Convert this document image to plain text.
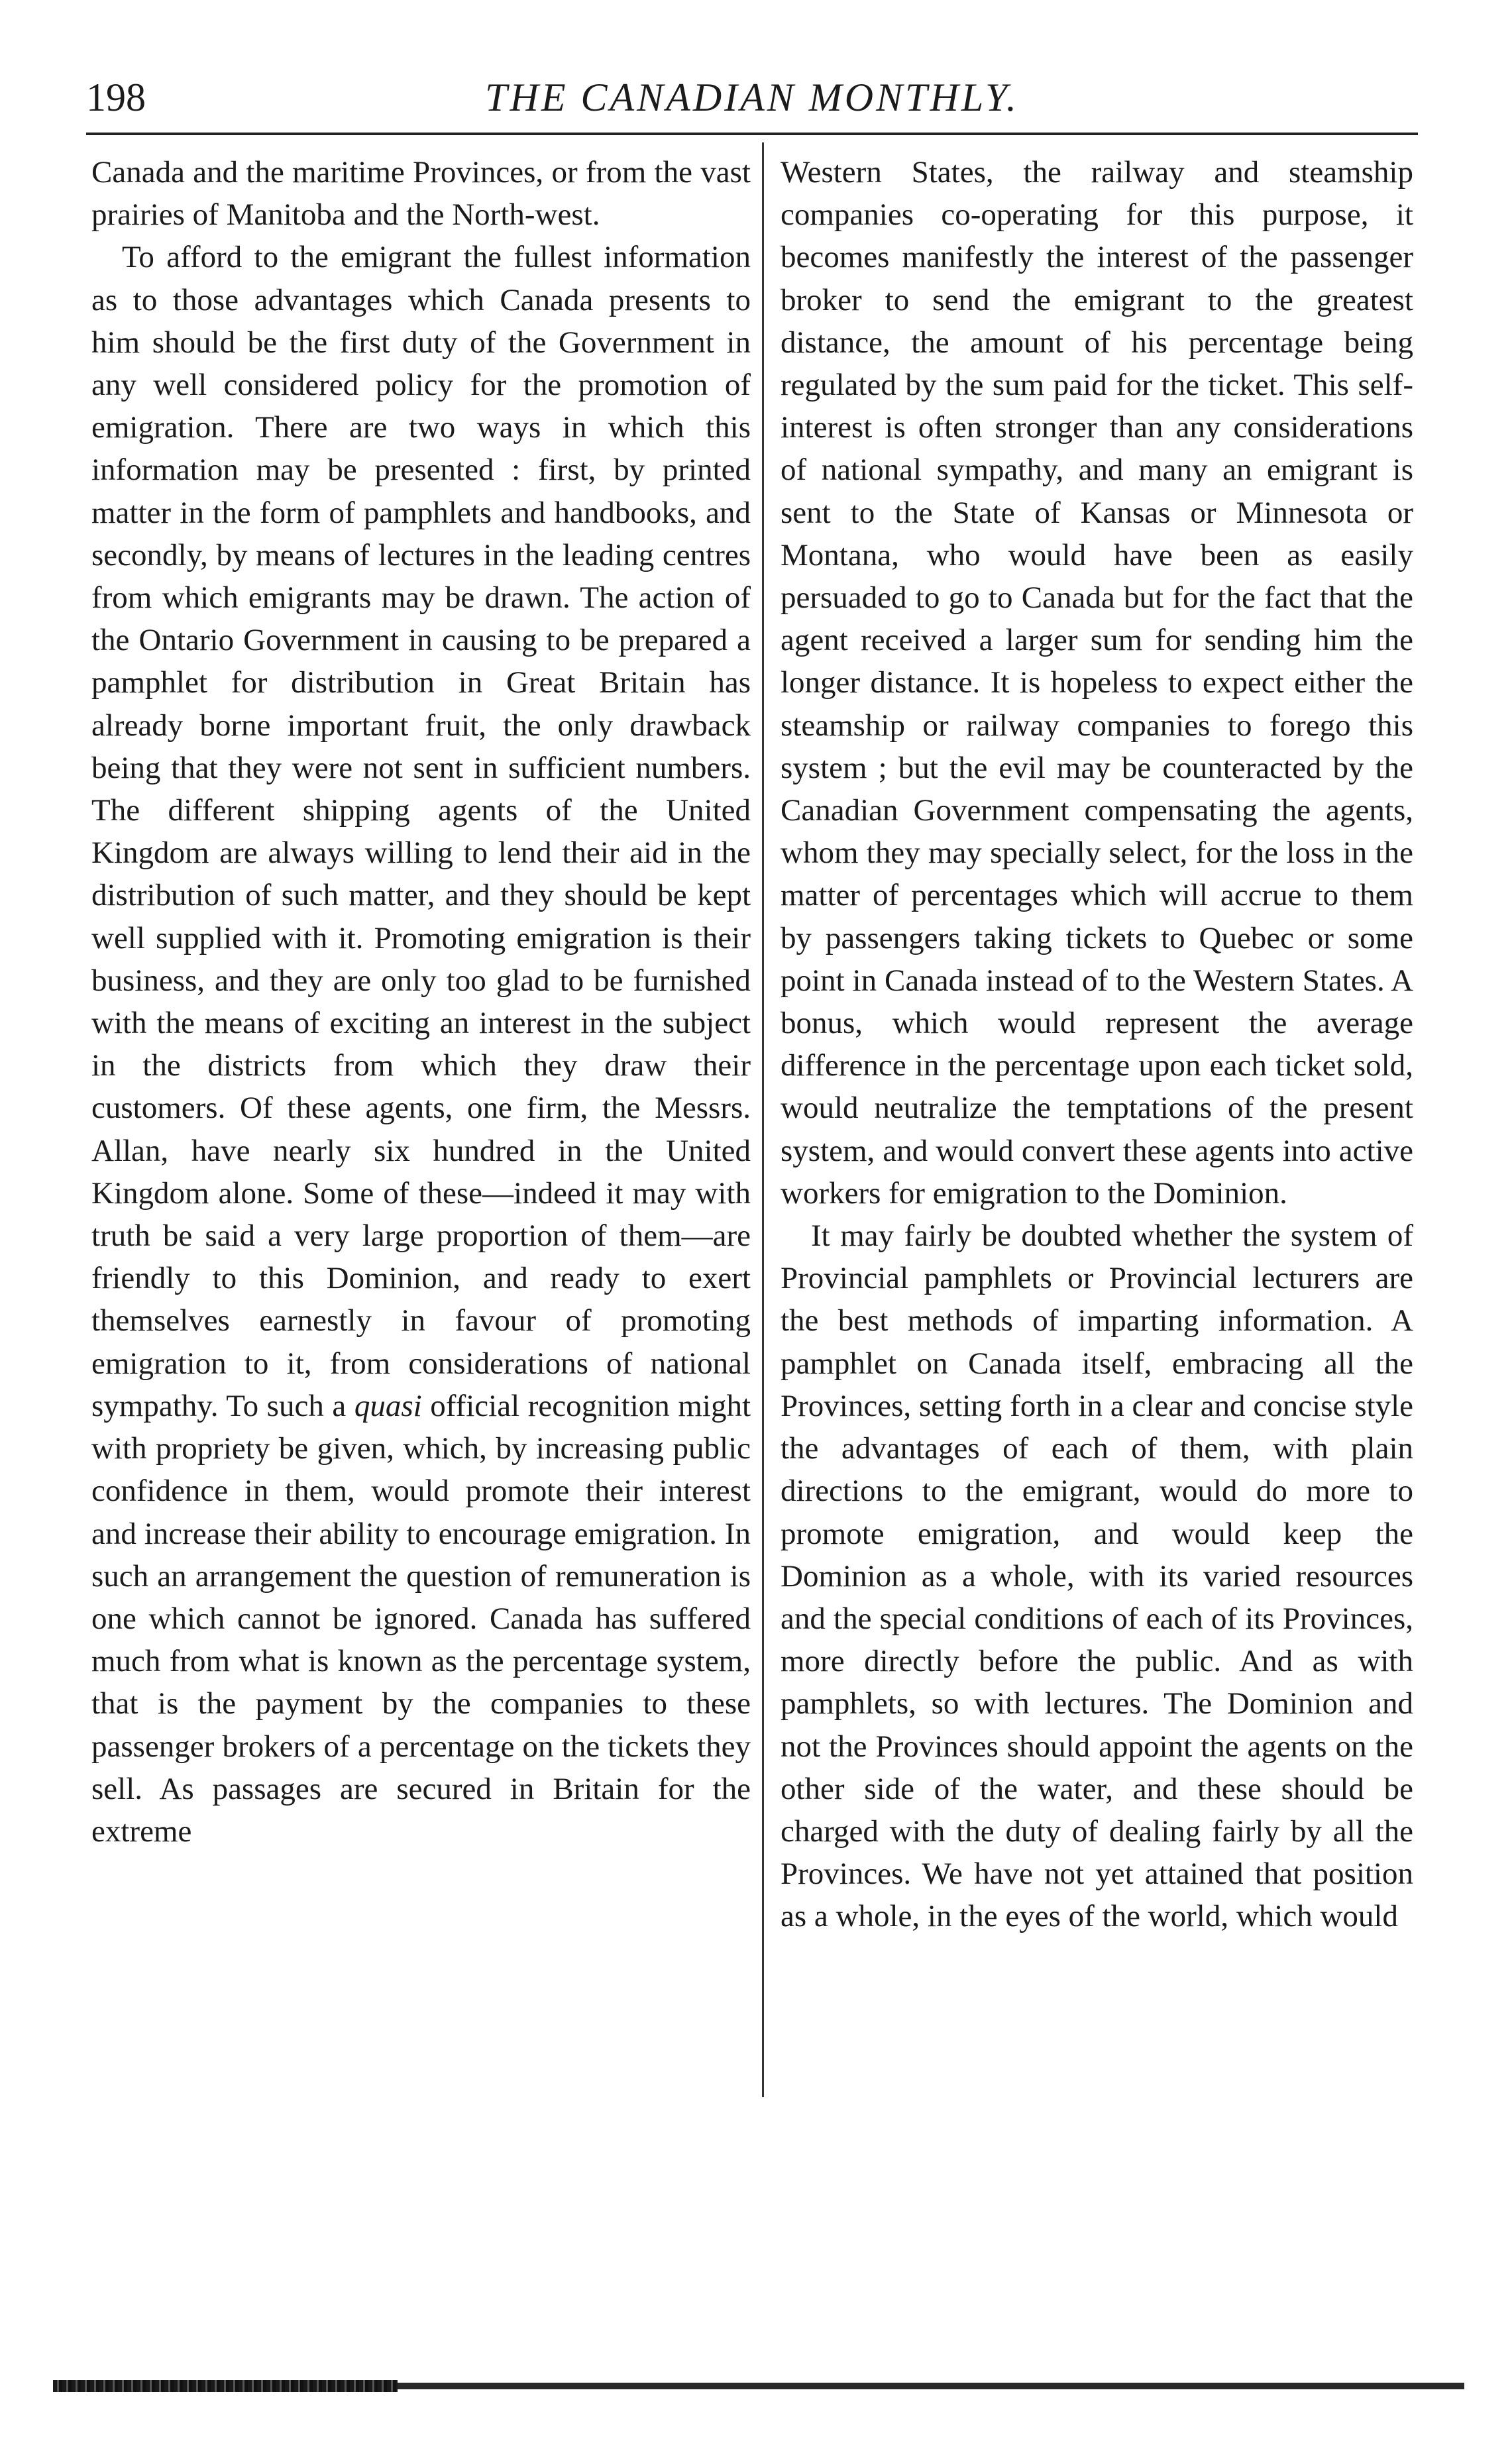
198	THE CANADIAN MONTHLY.

Canada and the maritime Provinces, or from the vast prairies of Manitoba and the North-west.

To afford to the emigrant the fullest information as to those advantages which Canada presents to him should be the first duty of the Government in any well considered policy for the promotion of emigration. There are two ways in which this information may be presented : first, by printed matter in the form of pamphlets and handbooks, and secondly, by means of lectures in the leading centres from which emigrants may be drawn. The action of the Ontario Government in causing to be prepared a pamphlet for distribution in Great Britain has already borne important fruit, the only drawback being that they were not sent in sufficient numbers. The different shipping agents of the United Kingdom are always willing to lend their aid in the distribution of such matter, and they should be kept well supplied with it. Promoting emigration is their business, and they are only too glad to be furnished with the means of exciting an interest in the subject in the districts from which they draw their customers. Of these agents, one firm, the Messrs. Allan, have nearly six hundred in the United Kingdom alone. Some of these—indeed it may with truth be said a very large proportion of them—are friendly to this Dominion, and ready to exert themselves earnestly in favour of promoting emigration to it, from considerations of national sympathy. To such a quasi official recognition might with propriety be given, which, by increasing public confidence in them, would promote their interest and increase their ability to encourage emigration. In such an arrangement the question of remuneration is one which cannot be ignored. Canada has suffered much from what is known as the percentage system, that is the payment by the companies to these passenger brokers of a percentage on the tickets they sell. As passages are secured in Britain for the extreme

Western States, the railway and steamship companies co-operating for this purpose, it becomes manifestly the interest of the passenger broker to send the emigrant to the greatest distance, the amount of his percentage being regulated by the sum paid for the ticket. This self-interest is often stronger than any considerations of national sympathy, and many an emigrant is sent to the State of Kansas or Minnesota or Montana, who would have been as easily persuaded to go to Canada but for the fact that the agent received a larger sum for sending him the longer distance. It is hopeless to expect either the steamship or railway companies to forego this system ; but the evil may be counteracted by the Canadian Government compensating the agents, whom they may specially select, for the loss in the matter of percentages which will accrue to them by passengers taking tickets to Quebec or some point in Canada instead of to the Western States. A bonus, which would represent the average difference in the percentage upon each ticket sold, would neutralize the temptations of the present system, and would convert these agents into active workers for emigration to the Dominion.

It may fairly be doubted whether the system of Provincial pamphlets or Provincial lecturers are the best methods of imparting information. A pamphlet on Canada itself, embracing all the Provinces, setting forth in a clear and concise style the advantages of each of them, with plain directions to the emigrant, would do more to promote emigration, and would keep the Dominion as a whole, with its varied resources and the special conditions of each of its Provinces, more directly before the public. And as with pamphlets, so with lectures. The Dominion and not the Provinces should appoint the agents on the other side of the water, and these should be charged with the duty of dealing fairly by all the Provinces. We have not yet attained that position as a whole, in the eyes of the world, which would
